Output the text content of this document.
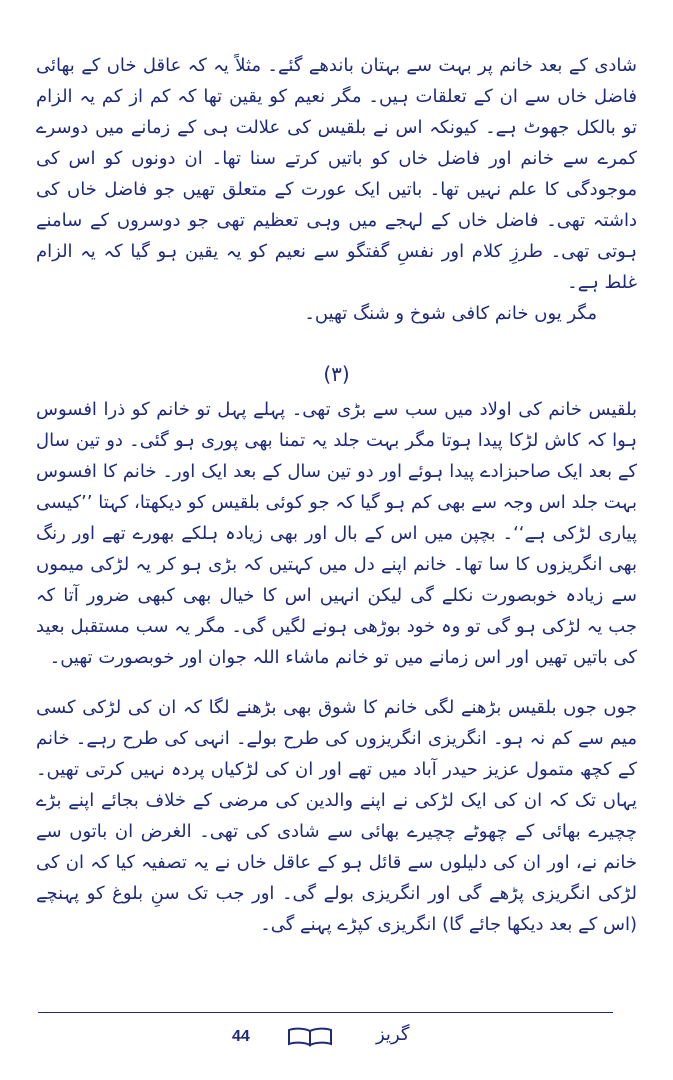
شادی کے بعد خانم پر بہت سے بہتان باندھے گئے۔ مثلاً یہ کہ عاقل خاں کے بھائی فاضل خاں سے ان کے تعلقات ہیں۔ مگر نعیم کو یقین تھا کہ کم از کم یہ الزام تو بالکل جھوٹ ہے۔ کیونکہ اس نے بلقیس کی علالت ہی کے زمانے میں دوسرے کمرے سے خانم اور فاضل خاں کو باتیں کرتے سنا تھا۔ ان دونوں کو اس کی موجودگی کا علم نہیں تھا۔ باتیں ایک عورت کے متعلق تھیں جو فاضل خاں کی داشتہ تھی۔ فاضل خاں کے لہجے میں وہی تعظیم تھی جو دوسروں کے سامنے ہوتی تھی۔ طرزِ کلام اور نفسِ گفتگو سے نعیم کو یہ یقین ہو گیا کہ یہ الزام غلط ہے۔

مگر یوں خانم کافی شوخ و شنگ تھیں۔

(۳)

بلقیس خانم کی اولاد میں سب سے بڑی تھی۔ پہلے پہل تو خانم کو ذرا افسوس ہوا کہ کاش لڑکا پیدا ہوتا مگر بہت جلد یہ تمنا بھی پوری ہو گئی۔ دو تین سال کے بعد ایک صاحبزادے پیدا ہوئے اور دو تین سال کے بعد ایک اور۔ خانم کا افسوس بہت جلد اس وجہ سے بھی کم ہو گیا کہ جو کوئی بلقیس کو دیکھتا، کہتا ’’کیسی پیاری لڑکی ہے‘‘۔ بچپن میں اس کے بال اور بھی زیادہ ہلکے بھورے تھے اور رنگ بھی انگریزوں کا سا تھا۔ خانم اپنے دل میں کہتیں کہ بڑی ہو کر یہ لڑکی میموں سے زیادہ خوبصورت نکلے گی لیکن انہیں اس کا خیال بھی کبھی ضرور آتا کہ جب یہ لڑکی ہو گی تو وہ خود بوڑھی ہونے لگیں گی۔ مگر یہ سب مستقبل بعید کی باتیں تھیں اور اس زمانے میں تو خانم ماشاء اللہ جوان اور خوبصورت تھیں۔

جوں جوں بلقیس بڑھنے لگی خانم کا شوق بھی بڑھنے لگا کہ ان کی لڑکی کسی میم سے کم نہ ہو۔ انگریزی انگریزوں کی طرح بولے۔ انہی کی طرح رہے۔ خانم کے کچھ متمول عزیز حیدر آباد میں تھے اور ان کی لڑکیاں پردہ نہیں کرتی تھیں۔ یہاں تک کہ ان کی ایک لڑکی نے اپنے والدین کی مرضی کے خلاف بجائے اپنے بڑے چچیرے بھائی کے چھوٹے چچیرے بھائی سے شادی کی تھی۔ الغرض ان باتوں سے خانم نے، اور ان کی دلیلوں سے قائل ہو کے عاقل خاں نے یہ تصفیہ کیا کہ ان کی لڑکی انگریزی پڑھے گی اور انگریزی بولے گی۔ اور جب تک سنِ بلوغ کو پہنچے (اس کے بعد دیکھا جائے گا) انگریزی کپڑے پہنے گی۔

44	گریز
